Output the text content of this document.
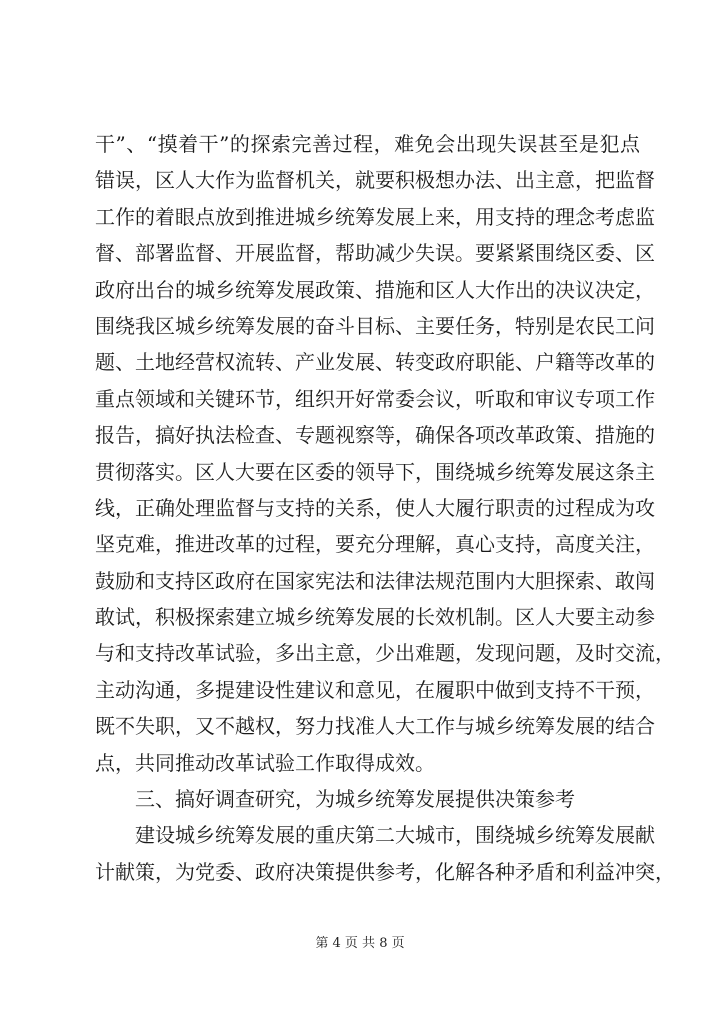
干”、“摸着干”的探索完善过程，难免会出现失误甚至是犯点
错误，区人大作为监督机关，就要积极想办法、出主意，把监督
工作的着眼点放到推进城乡统筹发展上来，用支持的理念考虑监
督、部署监督、开展监督，帮助减少失误。要紧紧围绕区委、区
政府出台的城乡统筹发展政策、措施和区人大作出的决议决定，
围绕我区城乡统筹发展的奋斗目标、主要任务，特别是农民工问
题、土地经营权流转、产业发展、转变政府职能、户籍等改革的
重点领域和关键环节，组织开好常委会议，听取和审议专项工作
报告，搞好执法检查、专题视察等，确保各项改革政策、措施的
贯彻落实。区人大要在区委的领导下，围绕城乡统筹发展这条主
线，正确处理监督与支持的关系，使人大履行职责的过程成为攻
坚克难，推进改革的过程，要充分理解，真心支持，高度关注，
鼓励和支持区政府在国家宪法和法律法规范围内大胆探索、敢闯
敢试，积极探索建立城乡统筹发展的长效机制。区人大要主动参
与和支持改革试验，多出主意，少出难题，发现问题，及时交流，
主动沟通，多提建设性建议和意见，在履职中做到支持不干预，
既不失职，又不越权，努力找准人大工作与城乡统筹发展的结合
点，共同推动改革试验工作取得成效。
三、搞好调查研究，为城乡统筹发展提供决策参考
建设城乡统筹发展的重庆第二大城市，围绕城乡统筹发展献
计献策，为党委、政府决策提供参考，化解各种矛盾和利益冲突，
第 4 页 共 8 页
